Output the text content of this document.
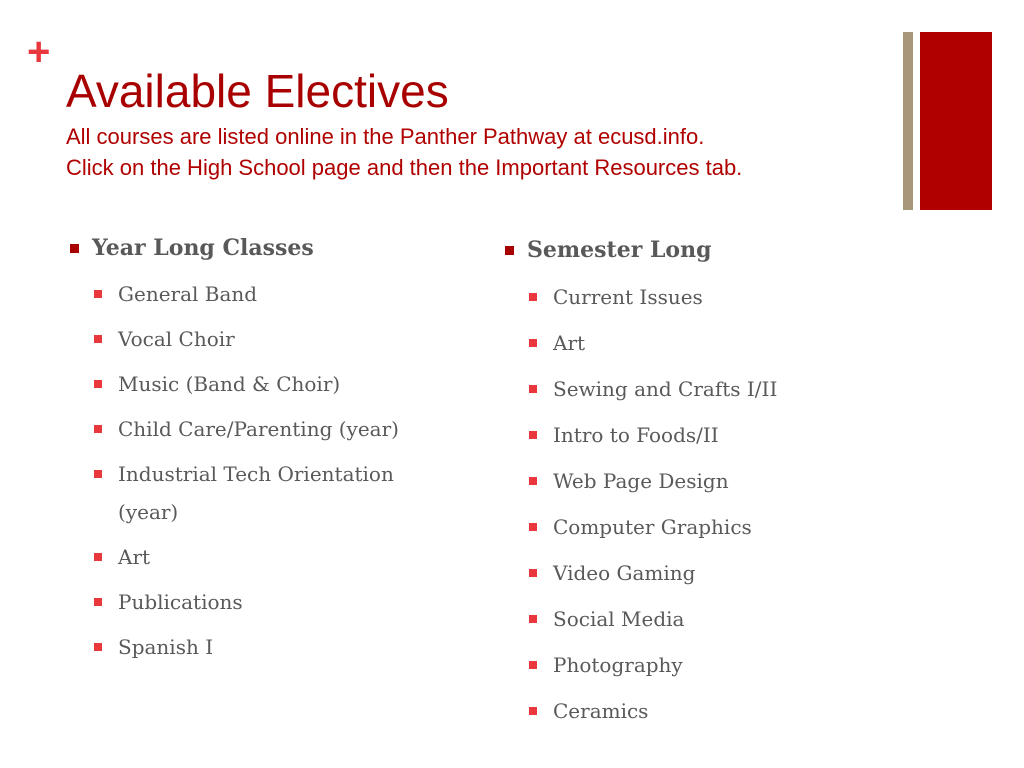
+
Available Electives

All courses are listed online in the Panther Pathway at ecusd.info.
Click on the High School page and then the Important Resources tab.

Year Long Classes
General Band
Vocal Choir
Music (Band & Choir)
Child Care/Parenting (year)
Industrial Tech Orientation
(year)
Art
Publications
Spanish I
Semester Long
Current Issues
Art
Sewing and Crafts I/II
Intro to Foods/II
Web Page Design
Computer Graphics
Video Gaming
Social Media
Photography
Ceramics
